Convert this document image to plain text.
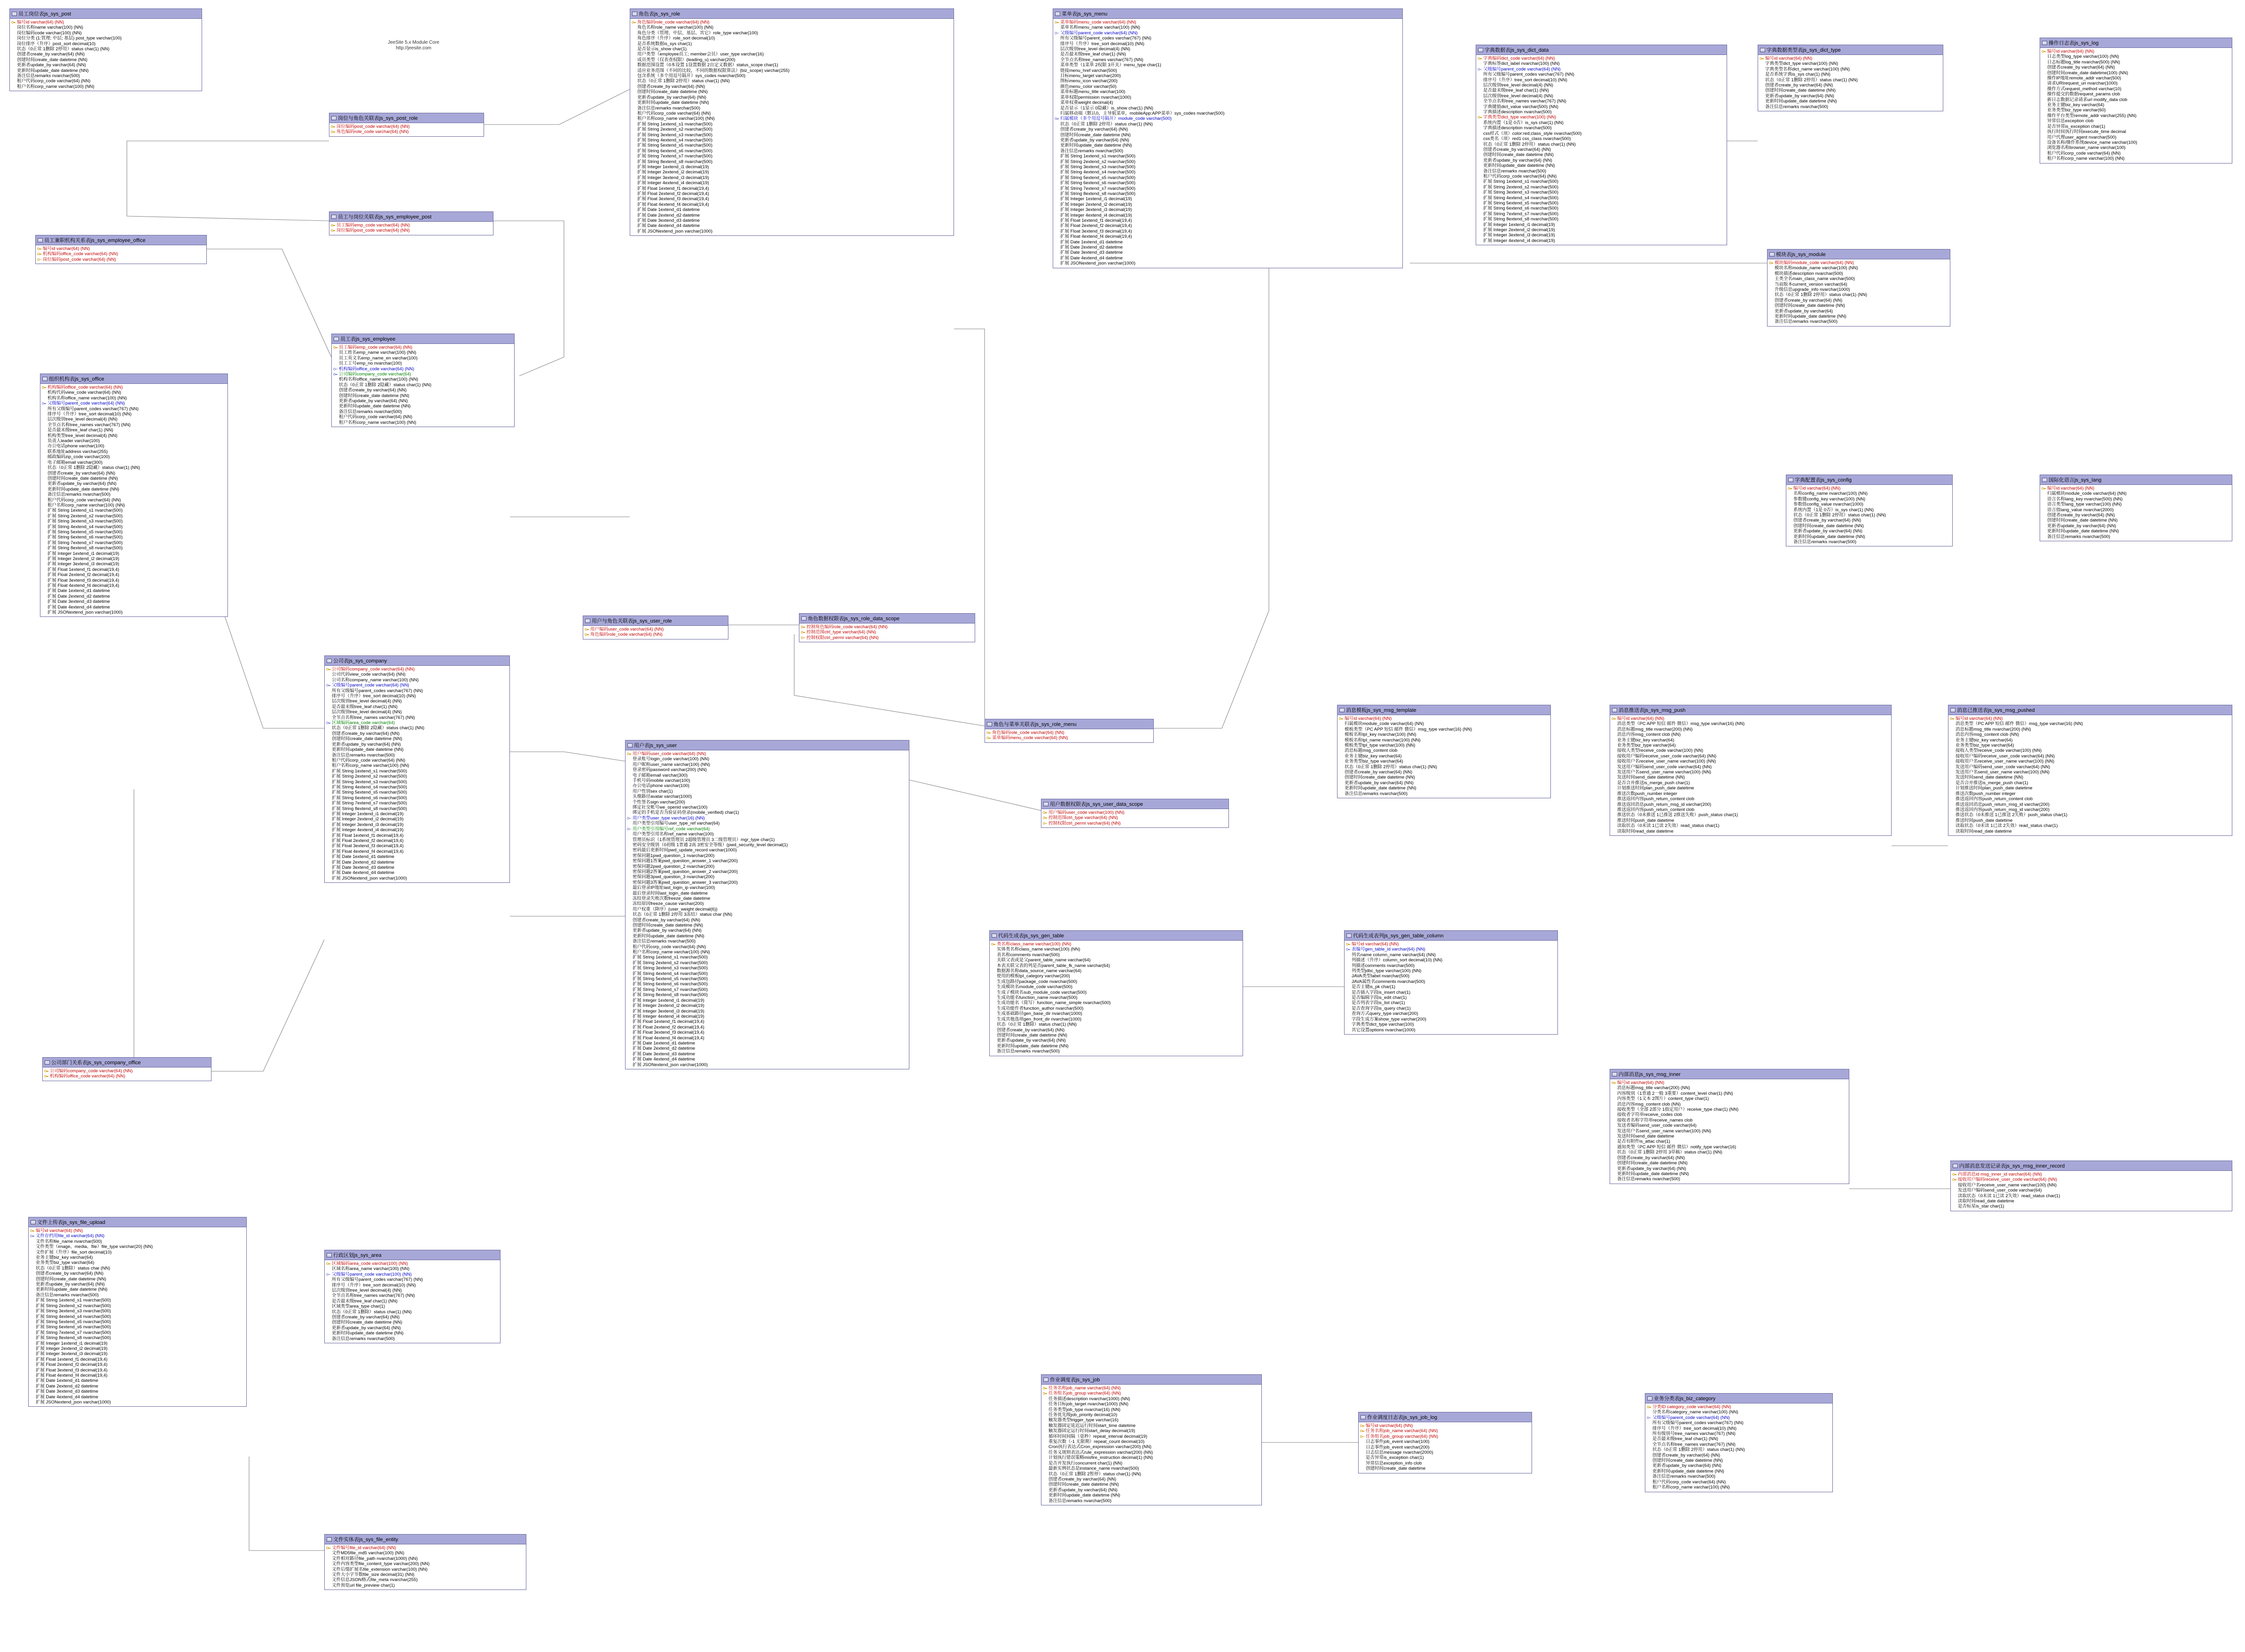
JeeSite 5.x Module Core
http://jeesite.com
员工岗位表js_sys_post
编号id varchar(64) (NN)
岗位名称name varchar(100) (NN)
岗位编码code varchar(100) (NN)
岗位分类 (1:管理; 中层; 基层) post_type varchar(100)
岗位排序（升序）post_sort decimal(10)
状态（0正常 1删除 2停用）status char(1) (NN)
创建者create_by varchar(64) (NN)
创建时间create_date datetime (NN)
更新者update_by varchar(64) (NN)
更新时间update_date datetime (NN)
备注信息remarks nvarchar(500)
租户代码corp_code varchar(64) (NN)
租户名称corp_name varchar(100) (NN)
岗位与角色关联表js_sys_post_role
岗位编码post_code varchar(64) (NN)
角色编码role_code varchar(64) (NN)
员工与岗位关联表js_sys_employee_post
员工编码emp_code varchar(64) (NN)
岗位编码post_code varchar(64) (NN)
员工兼职机构关系表js_sys_employee_office
编号id varchar(64) (NN)
机构编码office_code varchar(64) (NN)
岗位编码post_code varchar(64) (NN)
员工表js_sys_employee
员工编码emp_code varchar(64) (NN)
员工姓名emp_name varchar(100) (NN)
员工英文名emp_name_en varchar(100)
员工工号emp_no nvarchar(100)
机构编码office_code varchar(64) (NN)
公司编码company_code varchar(64)
机构名称office_name varchar(100) (NN)
状态（0正常 1删除 2隐藏）status char(1) (NN)
创建者create_by varchar(64) (NN)
创建时间create_date datetime (NN)
更新者update_by varchar(64) (NN)
更新时间update_date datetime (NN)
备注信息remarks nvarchar(500)
租户代码corp_code varchar(64) (NN)
租户名称corp_name varchar(100) (NN)
组织机构表js_sys_office
机构编码office_code varchar(64) (NN)
机构代码view_code varchar(64) (NN)
机构名称office_name varchar(100) (NN)
父级编号parent_code varchar(64) (NN)
所有父级编号parent_codes varchar(767) (NN)
排序号（升序）tree_sort decimal(10) (NN)
层次级别tree_level decimal(4) (NN)
全节点名称tree_names varchar(767) (NN)
是否最末级tree_leaf char(1) (NN)
机构类型tree_level decimal(4) (NN)
负责人leader varchar(100)
办公电话phone varchar(100)
联系地址address varchar(255)
邮政编码zip_code varchar(100)
电子邮箱email varchar(300)
状态（0正常 1删除 2隐藏）status char(1) (NN)
创建者create_by varchar(64) (NN)
创建时间create_date datetime (NN)
更新者update_by varchar(64) (NN)
更新时间update_date datetime (NN)
备注信息remarks nvarchar(500)
租户代码corp_code varchar(64) (NN)
租户名称corp_name varchar(100) (NN)
扩展 String 1extend_s1 nvarchar(500)
扩展 String 2extend_s2 nvarchar(500)
扩展 String 3extend_s3 nvarchar(500)
扩展 String 4extend_s4 nvarchar(500)
扩展 String 5extend_s5 nvarchar(500)
扩展 String 6extend_s6 nvarchar(500)
扩展 String 7extend_s7 nvarchar(500)
扩展 String 8extend_s8 nvarchar(500)
扩展 Integer 1extend_i1 decimal(19)
扩展 Integer 2extend_i2 decimal(19)
扩展 Integer 3extend_i3 decimal(19)
扩展 Float 1extend_f1 decimal(19,4)
扩展 Float 2extend_f2 decimal(19,4)
扩展 Float 3extend_f3 decimal(19,4)
扩展 Float 4extend_f4 decimal(19,4)
扩展 Date 1extend_d1 datetime
扩展 Date 2extend_d2 datetime
扩展 Date 3extend_d3 datetime
扩展 Date 4extend_d4 datetime
扩展 JSONextend_json varchar(1000)
公司表js_sys_company
公司编码company_code varchar(64) (NN)
公司代码view_code varchar(64) (NN)
公司名称company_name varchar(100) (NN)
父级编号parent_code varchar(64) (NN)
所有父级编号parent_codes varchar(767) (NN)
排序号（升序）tree_sort decimal(10) (NN)
层次级别tree_level decimal(4) (NN)
是否最末级tree_leaf char(1) (NN)
层次级别tree_level decimal(4) (NN)
全节点名称tree_names varchar(767) (NN)
区域编码area_code varchar(64)
状态（0正常 1删除 2隐藏）status char(1) (NN)
创建者create_by varchar(64) (NN)
创建时间create_date datetime (NN)
更新者update_by varchar(64) (NN)
更新时间update_date datetime (NN)
备注信息remarks nvarchar(500)
租户代码corp_code varchar(64) (NN)
租户名称corp_name varchar(100) (NN)
扩展 String 1extend_s1 nvarchar(500)
扩展 String 2extend_s2 nvarchar(500)
扩展 String 3extend_s3 nvarchar(500)
扩展 String 4extend_s4 nvarchar(500)
扩展 String 5extend_s5 nvarchar(500)
扩展 String 6extend_s6 nvarchar(500)
扩展 String 7extend_s7 nvarchar(500)
扩展 String 8extend_s8 nvarchar(500)
扩展 Integer 1extend_i1 decimal(19)
扩展 Integer 2extend_i2 decimal(19)
扩展 Integer 3extend_i3 decimal(19)
扩展 Integer 4extend_i4 decimal(19)
扩展 Float 1extend_f1 decimal(19,4)
扩展 Float 2extend_f2 decimal(19,4)
扩展 Float 3extend_f3 decimal(19,4)
扩展 Float 4extend_f4 decimal(19,4)
扩展 Date 1extend_d1 datetime
扩展 Date 2extend_d2 datetime
扩展 Date 3extend_d3 datetime
扩展 Date 4extend_d4 datetime
扩展 JSONextend_json varchar(1000)
公司部门关系表js_sys_company_office
公司编码company_code varchar(64) (NN)
机构编码office_code varchar(64) (NN)
行政区划js_sys_area
区域编码area_code varchar(100) (NN)
区域名称area_name varchar(100) (NN)
父级编号parent_code varchar(100) (NN)
所有父级编号parent_codes varchar(767) (NN)
排序号（升序）tree_sort decimal(10) (NN)
层次级别tree_level decimal(4) (NN)
全节点名称tree_names varchar(767) (NN)
是否最末级tree_leaf char(1) (NN)
区域类型area_type char(1)
状态（0正常 1删除）status char(1) (NN)
创建者create_by varchar(64) (NN)
创建时间create_date datetime (NN)
更新者update_by varchar(64) (NN)
更新时间update_date datetime (NN)
备注信息remarks nvarchar(500)
角色表js_sys_role
角色编码role_code varchar(64) (NN)
角色名称role_name varchar(100) (NN)
角色分类（管理、中层、基层、其它）role_type varchar(100)
角色排序（升序）role_sort decimal(10)
是否系统数据is_sys char(1)
是否显示is_show char(1)
用户类型（employee员工; member会员）user_type varchar(16)
成员类型（仅表查权限）(leading_u) varchar(200)
数据范围设置（0本设置 1设置数据 2自定义数据）status_scope char(1)
适应业务范围（不同的比较，不同的数据权限算法）(biz_scope) varchar(255)
包含系统（多个用逗号隔开）sys_codes nvarchar(500)
状态（0正常 1删除 2停用）status char(1) (NN)
创建者create_by varchar(64) (NN)
创建时间create_date datetime (NN)
更新者update_by varchar(64) (NN)
更新时间update_date datetime (NN)
备注信息remarks nvarchar(500)
租户代码corp_code varchar(64) (NN)
租户名称corp_name varchar(100) (NN)
扩展 String 1extend_s1 nvarchar(500)
扩展 String 2extend_s2 nvarchar(500)
扩展 String 3extend_s3 nvarchar(500)
扩展 String 4extend_s4 nvarchar(500)
扩展 String 5extend_s5 nvarchar(500)
扩展 String 6extend_s6 nvarchar(500)
扩展 String 7extend_s7 nvarchar(500)
扩展 String 8extend_s8 nvarchar(500)
扩展 Integer 1extend_i1 decimal(19)
扩展 Integer 2extend_i2 decimal(19)
扩展 Integer 3extend_i3 decimal(19)
扩展 Integer 4extend_i4 decimal(19)
扩展 Float 1extend_f1 decimal(19,4)
扩展 Float 2extend_f2 decimal(19,4)
扩展 Float 3extend_f3 decimal(19,4)
扩展 Float 4extend_f4 decimal(19,4)
扩展 Date 1extend_d1 datetime
扩展 Date 2extend_d2 datetime
扩展 Date 3extend_d3 datetime
扩展 Date 4extend_d4 datetime
扩展 JSONextend_json varchar(1000)
用户与角色关联表js_sys_user_role
用户编码user_code varchar(64) (NN)
角色编码role_code varchar(64) (NN)
角色数据权限表js_sys_role_data_scope
控制角色编码role_code varchar(64) (NN)
控制范围ctrl_type varchar(64) (NN)
控制权限ctrl_permi varchar(64) (NN)
角色与菜单关联表js_sys_role_menu
角色编码role_code varchar(64) (NN)
菜单编码menu_code varchar(64) (NN)
菜单表js_sys_menu
菜单编码menu_code varchar(64) (NN)
菜单名称menu_name varchar(100) (NN)
父级编号parent_code varchar(64) (NN)
所有父级编号parent_codes varchar(767) (NN)
排序号（升序）tree_sort decimal(10) (NN)
层次级别tree_level decimal(4) (NN)
是否最末级tree_leaf char(1) (NN)
全节点名称tree_names varchar(767) (NN)
菜单类型（1菜单 2权限 3开关）menu_type char(1)
链接menu_href varchar(500)
目标menu_target varchar(200)
图标menu_icon varchar(200)
颜色menu_color varchar(50)
菜单标题menu_title varchar(100)
菜单权限permission nvarchar(1000)
菜单权重weight decimal(4)
是否显示（1显示 0隐藏）is_show char(1) (NN)
归属移动端（默认0，主导航菜单，mobileApp:APP菜单）sys_codes nvarchar(500)
归属模块（多个用逗号隔开）module_code varchar(500)
状态（0正常 1删除 2停用）status char(1) (NN)
创建者create_by varchar(64) (NN)
创建时间create_date datetime (NN)
更新者update_by varchar(64) (NN)
更新时间update_date datetime (NN)
备注信息remarks nvarchar(500)
扩展 String 1extend_s1 nvarchar(500)
扩展 String 2extend_s2 nvarchar(500)
扩展 String 3extend_s3 nvarchar(500)
扩展 String 4extend_s4 nvarchar(500)
扩展 String 5extend_s5 nvarchar(500)
扩展 String 6extend_s6 nvarchar(500)
扩展 String 7extend_s7 nvarchar(500)
扩展 String 8extend_s8 nvarchar(500)
扩展 Integer 1extend_i1 decimal(19)
扩展 Integer 2extend_i2 decimal(19)
扩展 Integer 3extend_i3 decimal(19)
扩展 Integer 4extend_i4 decimal(19)
扩展 Float 1extend_f1 decimal(19,4)
扩展 Float 2extend_f2 decimal(19,4)
扩展 Float 3extend_f3 decimal(19,4)
扩展 Float 4extend_f4 decimal(19,4)
扩展 Date 1extend_d1 datetime
扩展 Date 2extend_d2 datetime
扩展 Date 3extend_d3 datetime
扩展 Date 4extend_d4 datetime
扩展 JSONextend_json varchar(1000)
用户表js_sys_user
用户编码user_code varchar(64) (NN)
登录账号login_code varchar(100) (NN)
用户昵称user_name varchar(100) (NN)
登录密码password varchar(200) (NN)
电子邮箱email varchar(300)
手机号码mobile varchar(100)
办公电话phone varchar(100)
用户性别sex char(1)
头像路径avatar varchar(1000)
个性签名sign varchar(200)
绑定社交帐号we_openid varchar(100)
绑定的手机是否为验证码登录(mobile_verified) char(1)
用户类型user_type varchar(16) (NN)
用户类型引用编号user_type_ref varchar(64)
用户类型引用编号ref_code varchar(64)
用户类型引用名称ref_name varchar(100)
管理员标识（1系统管理员 2超级管理员 3二级管理员）mgr_type char(1)
密码安全级别（0初级 1普通 2高 3密安全等级）(pwd_security_level decimal(1)
密码最后更新时间pwd_update_record varchar(1000)
密保问题1pwd_question_1 nvarchar(200)
密保问题1答案pwd_question_answer_1 varchar(200)
密保问题2pwd_question_2 nvarchar(200)
密保问题2答案pwd_question_answer_2 varchar(200)
密保问题3pwd_question_3 nvarchar(200)
密保问题3答案pwd_question_answer_3 varchar(200)
最后登录IP地址last_login_ip varchar(100)
最后登录时间last_login_date datetime
冻结登录失败次数freeze_date datetime
冻结原因freeze_cause varchar(200)
用户权重（降序）(user_weight decimal(6))
状态（0正常 1删除 2停用 3冻结）status char (NN)
创建者create_by varchar(64) (NN)
创建时间create_date datetime (NN)
更新者update_by varchar(64) (NN)
更新时间update_date datetime (NN)
备注信息remarks nvarchar(500)
租户代码corp_code varchar(64) (NN)
租户名称corp_name varchar(100) (NN)
扩展 String 1extend_s1 nvarchar(500)
扩展 String 2extend_s2 nvarchar(500)
扩展 String 3extend_s3 nvarchar(500)
扩展 String 4extend_s4 nvarchar(500)
扩展 String 5extend_s5 nvarchar(500)
扩展 String 6extend_s6 nvarchar(500)
扩展 String 7extend_s7 nvarchar(500)
扩展 String 8extend_s8 nvarchar(500)
扩展 Integer 1extend_i1 decimal(19)
扩展 Integer 2extend_i2 decimal(19)
扩展 Integer 3extend_i3 decimal(19)
扩展 Integer 4extend_i4 decimal(19)
扩展 Float 1extend_f1 decimal(19,4)
扩展 Float 2extend_f2 decimal(19,4)
扩展 Float 3extend_f3 decimal(19,4)
扩展 Float 4extend_f4 decimal(19,4)
扩展 Date 1extend_d1 datetime
扩展 Date 2extend_d2 datetime
扩展 Date 3extend_d3 datetime
扩展 Date 4extend_d4 datetime
扩展 JSONextend_json varchar(1000)
用户数据权限表js_sys_user_data_scope
用户编码user_code varchar(100) (NN)
控制范围ctrl_type varchar(64) (NN)
控制权限ctrl_permi varchar(64) (NN)
字典数据表js_sys_dict_data
字典编码dict_code varchar(64) (NN)
字典标签dict_label nvarchar(100) (NN)
父级编号parent_code varchar(64) (NN)
所有父级编号parent_codes varchar(767) (NN)
排序号（升序）tree_sort decimal(10) (NN)
层次级别tree_level decimal(4) (NN)
是否最末级tree_leaf char(1) (NN)
层次级别tree_level decimal(4) (NN)
全节点名称tree_names varchar(767) (NN)
字典键值dict_value varchar(500) (NN)
字典描述description nvarchar(500)
字典类型dict_type varchar(100) (NN)
系统内置（1是 0否）is_sys char(1) (NN)
字典描述description nvarchar(500)
css样式（项）color:red;class_style nvarchar(500)
css类名（项）red1 css_class nvarchar(500)
状态（0正常 1删除 2停用）status char(1) (NN)
创建者create_by varchar(64) (NN)
创建时间create_date datetime (NN)
更新者update_by varchar(64) (NN)
更新时间update_date datetime (NN)
备注信息remarks nvarchar(500)
租户代码corp_code varchar(64) (NN)
扩展 String 1extend_s1 nvarchar(500)
扩展 String 2extend_s2 nvarchar(500)
扩展 String 3extend_s3 nvarchar(500)
扩展 String 4extend_s4 nvarchar(500)
扩展 String 5extend_s5 nvarchar(500)
扩展 String 6extend_s6 nvarchar(500)
扩展 String 7extend_s7 nvarchar(500)
扩展 String 8extend_s8 nvarchar(500)
扩展 Integer 1extend_i1 decimal(19)
扩展 Integer 2extend_i2 decimal(19)
扩展 Integer 3extend_i3 decimal(19)
扩展 Integer 4extend_i4 decimal(19)
字典数据类型表js_sys_dict_type
编号id varchar(64) (NN)
字典类型dict_type varchar(100) (NN)
字典类型名称dict_name varchar(100) (NN)
是否系统字典is_sys char(1) (NN)
状态（0正常 1删除 2停用）status char(1) (NN)
创建者create_by varchar(64) (NN)
创建时间create_date datetime (NN)
更新者update_by varchar(64) (NN)
更新时间update_date datetime (NN)
备注信息remarks nvarchar(500)
操作日志表js_sys_log
编号id varchar(64) (NN)
日志类型log_type varchar(100) (NN)
日志标题log_title nvarchar(500) (NN)
创建者create_by varchar(64) (NN)
创建时间create_date datetime(100) (NN)
操作IP地址remote_addr varchar(500)
请求URIrequest_uri nvarchar(1000)
操作方式request_method varchar(10)
操作提交的数据request_params clob
新日志数据记录请求url modify_data clob
业务主键biz_key varchar(64)
业务类型biz_type varchar(60)
操作平台类型remote_addr varchar(255) (NN)
异常信息exception clob
是否异常is_exception char(1)
执行时间执行时间execute_time decimal
用户代理user_agent nvarchar(500)
设备名称/操作系统device_name varchar(100)
浏览器名称browser_name varchar(100)
租户代码corp_code varchar(64) (NN)
租户名称corp_name varchar(100) (NN)
模块表js_sys_module
模块编码module_code varchar(64) (NN)
模块名称module_name varchar(100) (NN)
模块描述description nvarchar(500)
主类全名main_class_name varchar(500)
当前版本current_version varchar(64)
升级信息upgrade_info nvarchar(1000)
状态（0正常 1删除 2停用）status char(1) (NN)
创建者create_by varchar(64) (NN)
创建时间create_date datetime (NN)
更新者update_by varchar(64)
更新时间update_date datetime (NN)
备注信息remarks nvarchar(500)
字典配置表js_sys_config
编号id varchar(64) (NN)
名称config_name nvarchar(100) (NN)
参数键config_key varchar(100) (NN)
参数值config_value nvarchar(1000)
系统内置（1是 0否）is_sys char(1) (NN)
状态（0正常 1删除 2停用）status char(1) (NN)
创建者create_by varchar(64) (NN)
创建时间create_date datetime (NN)
更新者update_by varchar(64) (NN)
更新时间update_date datetime (NN)
备注信息remarks nvarchar(500)
国际化语言js_sys_lang
编号id varchar(64) (NN)
归属模块module_code varchar(64) (NN)
语言名称lang_key nvarchar(500) (NN)
语言类型lang_type varchar(100) (NN)
语言值lang_value nvarchar(2000)
创建者create_by varchar(64) (NN)
创建时间create_date datetime (NN)
更新者update_by varchar(64) (NN)
更新时间update_date datetime (NN)
备注信息remarks nvarchar(500)
消息模板js_sys_msg_template
编号id varchar(64) (NN)
归属模块module_code varchar(64) (NN)
模板类型（PC APP 短信 邮件 微信）msg_type varchar(16) (NN)
模板名称tpl_key nvarchar(100) (NN)
模板名称tpl_name nvarchar(100) (NN)
模板类型tpl_type varchar(100) (NN)
消息标题msg_content clob
业务主键biz_key varchar(64)
业务类型biz_type varchar(64)
状态（0正常 1删除 2停用）status char(1) (NN)
创建者create_by varchar(64) (NN)
创建时间create_date datetime (NN)
更新者update_by varchar(64) (NN)
更新时间update_date datetime (NN)
备注信息remarks nvarchar(500)
消息推送表js_sys_msg_push
编号id varchar(64) (NN)
消息类型（PC APP 短信 邮件 微信）msg_type varchar(16) (NN)
消息标题msg_title nvarchar(200) (NN)
消息内容msg_content clob (NN)
业务主键biz_key varchar(64)
业务类型biz_type varchar(64)
接收人类型receive_code varchar(100) (NN)
接收用户编码receive_user_code varchar(64) (NN)
接收用户名receive_user_name varchar(100) (NN)
发送用户编码send_user_code varchar(64) (NN)
发送用户名send_user_name varchar(100) (NN)
发送时间send_date datetime (NN)
是否合并推送is_merge_push char(1)
计划推送时间plan_push_date datetime
推送次数push_number integer
推送返回内容push_return_content clob
推送返回消息push_return_msg_id varchar(200)
推送返回内容push_return_content clob
推送状态（0未推送 1已推送 2推送失败）push_status char(1)
推送时间push_date datetime
读取状态（0未读 1已读 2失效）read_status char(1)
读取时间read_date datetime
消息已推送表js_sys_msg_pushed
编号id varchar(64) (NN)
消息类型（PC APP 短信 邮件 微信）msg_type varchar(16) (NN)
消息标题msg_title nvarchar(200) (NN)
消息内容msg_content clob (NN)
业务主键biz_key varchar(64)
业务类型biz_type varchar(64)
接收人类型receive_code varchar(100) (NN)
接收用户编码receive_user_code varchar(64) (NN)
接收用户名receive_user_name varchar(100) (NN)
发送用户编码send_user_code varchar(64) (NN)
发送用户名send_user_name varchar(100) (NN)
发送时间send_date datetime (NN)
是否合并推送is_merge_push char(1)
计划推送时间plan_push_date datetime
推送次数push_number integer
推送返回内容push_return_content clob
推送返回消息push_return_msg_id varchar(200)
推送返回内容push_return_msg_id varchar(200)
推送状态（0未推送 1已推送 2失败）push_status char(1)
推送时间push_date datetime
读取状态（0未读 1已读 2失效）read_status char(1)
读取时间read_date datetime
内部消息js_sys_msg_inner
编号id varchar(64) (NN)
消息标题msg_title varchar(200) (NN)
内容级别（1普通 2一般 3重要）content_level char(1) (NN)
内容类型（1文本 2图片）content_type char(1)
消息内容msg_content clob (NN)
接收类型（全部 2部分 1指定用户）receive_type char(1) (NN)
接收者字符串receive_codes clob
接收者名称字符串receive_names clob
发送者编码send_user_code varchar(64)
发送用户名send_user_name varchar(100) (NN)
发送时间send_date datetime
是否有附件is_attac char(1)
通知类型（PC APP 短信 邮件 微信）notify_type varchar(16)
状态（0正常 1删除 2停用 3草稿）status char(1) (NN)
创建者create_by varchar(64) (NN)
创建时间create_date datetime (NN)
更新者update_by varchar(64) (NN)
更新时间update_date datetime (NN)
备注信息remarks nvarchar(500)
内部消息发送记录表js_sys_msg_inner_record
内部消息id msg_inner_id varchar(64) (NN)
接收用户编码receive_user_code varchar(64) (NN)
接收用户名receive_user_name varchar(100) (NN)
发送用户编码send_user_code varchar(64)
读取状态（0未读 1已读 2失效）read_status char(1)
读取时间read_date datetime
是否标星is_star char(1)
代码生成表js_sys_gen_table
类名称class_name varchar(100) (NN)
实体类名称class_name varchar(100) (NN)
表名称comments nvarchar(500)
关联父表或是父parent_table_name varchar(64)
本表关联父表的列是否parent_table_fk_name varchar(64)
数据源名称data_source_name varchar(64)
使用的模板tpl_category varchar(200)
生成包路径package_code nvarchar(500)
生成模块名module_code varchar(500)
生成子模块名sub_module_code varchar(500)
生成功能名function_name nvarchar(500)
生成功能名（简写）function_name_simple nvarchar(500)
生成功能作者function_author nvarchar(500)
生成基础路径gen_base_dir nvarchar(1000)
生成其他选项gen_front_dir nvarchar(1000)
状态（0正常 1删除）status char(1) (NN)
创建者create_by varchar(64) (NN)
创建时间create_date datetime (NN)
更新者update_by varchar(64) (NN)
更新时间update_date datetime (NN)
备注信息remarks nvarchar(500)
代码生成表列js_sys_gen_table_column
编号id varchar(64) (NN)
表编号gen_table_id varchar(64) (NN)
列名name column_name varchar(64) (NN)
列描述（升序）column_sort decimal(10) (NN)
列描述comments nvarchar(500)
列类型jdbc_type varchar(100) (NN)
JAVA类型label nvarchar(500)
JAVA属性名comments nvarchar(500)
是否主键is_pk char(1)
是否插入字段is_insert char(1)
是否编辑字段is_edit char(1)
是否列表字段is_list char(1)
是否查询字段is_query char(1)
查询方式query_type varchar(200)
字段生成方案show_type varchar(200)
字典类型dict_type varchar(100)
其它设置options nvarchar(1000)
作业调度表js_sys_job
任务名称job_name varchar(64) (NN)
任务组名job_group varchar(64) (NN)
任务描述description nvarchar(1000) (NN)
任务目标job_target nvarchar(1000) (NN)
任务类型job_type nvarchar(16) (NN)
任务优先级job_priority decimal(10)
触发器类型trigger_type varchar(16)
触发器固定延迟运行时间start_time datetime
触发器固定运行时间start_delay decimal(19)
循环时间间隔（毫秒）repeat_interval decimal(19)
重复次数（-1 无限期）repeat_count decimal(10)
Cron执行表达式Cron_expression varchar(200) (NN)
任务义规则表达式rule_expression varchar(200) (NN)
计划执行错误策略misfire_instruction decimal(1) (NN)
是否并发执行concurrent char(1) (NN)
最新实例状态是instance_name nvarchar(500)
状态（0正常 1删除 2暂停）status char(1) (NN)
创建者create_by varchar(64) (NN)
创建时间create_date datetime (NN)
更新者update_by varchar(64) (NN)
更新时间update_date datetime (NN)
备注信息remarks nvarchar(500)
作业调度日志表js_sys_job_log
编号id varchar(64) (NN)
任务名称job_name varchar(64) (NN)
任务组名job_group varchar(64) (NN)
日志事件job_event varchar(100)
日志事件job_event varchar(200)
日志信息message nvarchar(2000)
是否异常is_exception char(1)
异常信息exception_info clob
创建时间create_date datetime
业务分类表js_biz_category
分类ID category_code varchar(64) (NN)
分类名称category_name varchar(100) (NN)
父级编号parent_code varchar(64) (NN)
所有父级编号parent_codes varchar(767) (NN)
排序号（升序）tree_sort decimal(10) (NN)
所有级别号tree_names varchar(767) (NN)
是否最末级tree_leaf char(1) (NN)
全节点名称tree_names varchar(767) (NN)
状态（0正常 1删除 2停用）status char(1) (NN)
创建者create_by varchar(64) (NN)
创建时间create_date datetime (NN)
更新者update_by varchar(64) (NN)
更新时间update_date datetime (NN)
备注信息remarks nvarchar(500)
租户代码corp_code varchar(64) (NN)
租户名称corp_name varchar(100) (NN)
文件上传表js_sys_file_upload
编号id varchar(64) (NN)
文件存档用file_id varchar(64) (NN)
文件名称file_name nvarchar(500)
文件类型（image、media、file）file_type varchar(20) (NN)
文件扩展（升序）file_sort decimal(10)
业务主键biz_key varchar(64)
业务类型biz_type varchar(64)
状态（0正常 1删除）status char (NN)
创建者create_by varchar(64) (NN)
创建时间create_date datetime (NN)
更新者update_by varchar(64) (NN)
更新时间update_date datetime (NN)
备注信息remarks nvarchar(500)
扩展 String 1extend_s1 nvarchar(500)
扩展 String 2extend_s2 nvarchar(500)
扩展 String 3extend_s3 nvarchar(500)
扩展 String 4extend_s4 nvarchar(500)
扩展 String 5extend_s5 nvarchar(500)
扩展 String 6extend_s6 nvarchar(500)
扩展 String 7extend_s7 nvarchar(500)
扩展 String 8extend_s8 nvarchar(500)
扩展 Integer 1extend_i1 decimal(19)
扩展 Integer 2extend_i2 decimal(19)
扩展 Integer 3extend_i3 decimal(19)
扩展 Float 1extend_f1 decimal(19,4)
扩展 Float 2extend_f2 decimal(19,4)
扩展 Float 3extend_f3 decimal(19,4)
扩展 Float 4extend_f4 decimal(19,4)
扩展 Date 1extend_d1 datetime
扩展 Date 2extend_d2 datetime
扩展 Date 3extend_d3 datetime
扩展 Date 4extend_d4 datetime
扩展 JSONextend_json varchar(1000)
文件实体表js_sys_file_entity
文件编号file_id varchar(64) (NN)
文件MD5file_md5 varchar(100) (NN)
文件相对路径file_path nvarchar(1000) (NN)
文件内容类型file_content_type varchar(200) (NN)
文件后缀扩展名file_extension varchar(100) (NN)
文件大小字节数file_size decimal(31) (NN)
文件信息JSON格式file_meta nvarchar(255)
文件预览url file_preview char(1)
